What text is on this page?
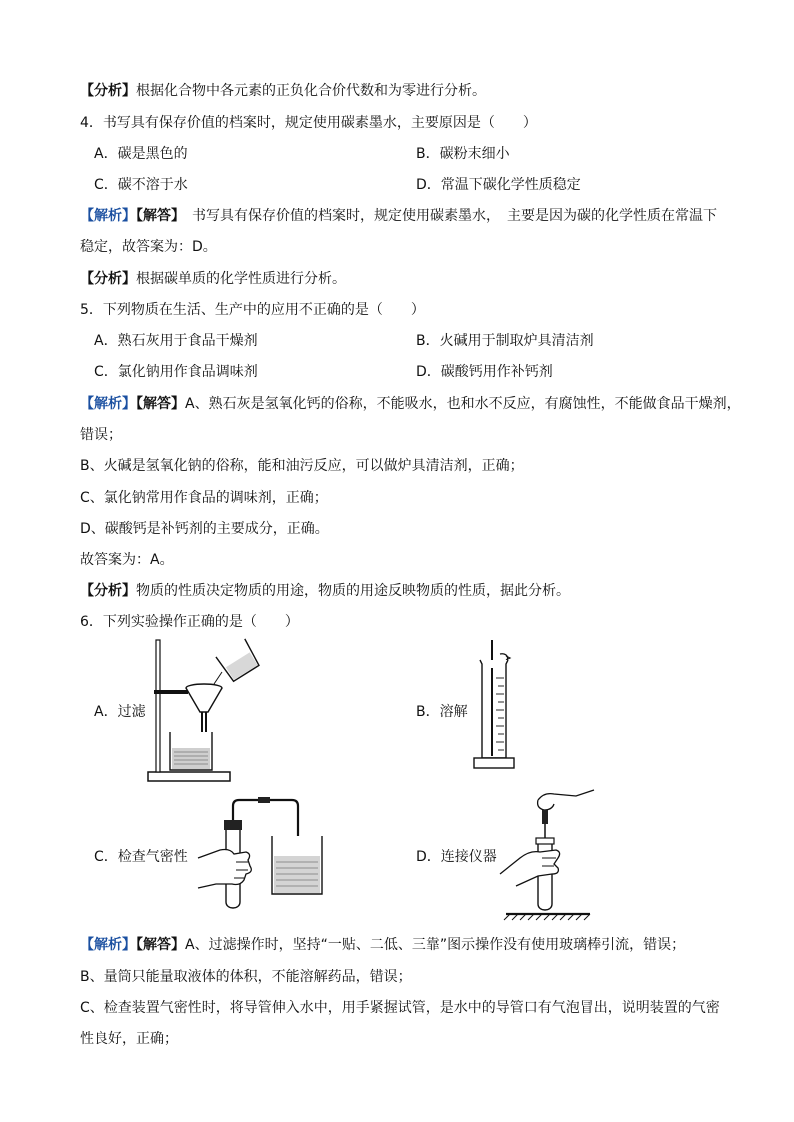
【分析】根据化合物中各元素的正负化合价代数和为零进行分析。
4．书写具有保存价值的档案时，规定使用碳素墨水，主要原因是（　　）
A．碳是黑色的	B．碳粉末细小
C．碳不溶于水	D．常温下碳化学性质稳定
【解析】【解答】　书写具有保存价值的档案时，规定使用碳素墨水，　主要是因为碳的化学性质在常温下
稳定，故答案为：D。
【分析】根据碳单质的化学性质进行分析。
5．下列物质在生活、生产中的应用不正确的是（　　）
A．熟石灰用于食品干燥剂	B．火碱用于制取炉具清洁剂
C．氯化钠用作食品调味剂	D．碳酸钙用作补钙剂
【解析】【解答】A、熟石灰是氢氧化钙的俗称，不能吸水，也和水不反应，有腐蚀性，不能做食品干燥剂，
错误；
B、火碱是氢氧化钠的俗称，能和油污反应，可以做炉具清洁剂，正确；
C、氯化钠常用作食品的调味剂，正确；
D、碳酸钙是补钙剂的主要成分，正确。
故答案为：A。
【分析】物质的性质决定物质的用途，物质的用途反映物质的性质，据此分析。
6．下列实验操作正确的是（　　）
A．过滤	B．溶解
C．检查气密性	D．连接仪器
【解析】【解答】A、过滤操作时，坚持“一贴、二低、三靠”图示操作没有使用玻璃棒引流，错误；
B、量筒只能量取液体的体积，不能溶解药品，错误；
C、检查装置气密性时，将导管伸入水中，用手紧握试管，是水中的导管口有气泡冒出，说明装置的气密
性良好，正确；
